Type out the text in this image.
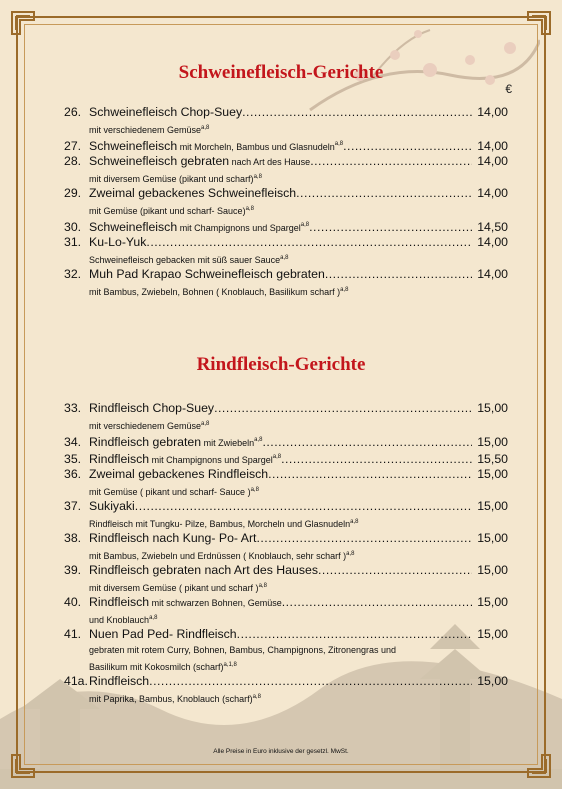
Schweinefleisch-Gerichte
€
26. Schweinefleisch Chop-Suey .....	14,00
mit verschiedenem Gemüse$^{a,8}$
27. Schweinefleisch mit Morcheln, Bambus und Glasnudeln$^{a,8}$ .....	14,00
28. Schweinefleisch gebraten nach Art des Hause .....	14,00
mit diversem Gemüse (pikant und scharf)$^{a,8}$
29. Zweimal gebackenes Schweinefleisch .....	14,00
mit Gemüse (pikant und scharf- Sauce)$^{a,8}$
30. Schweinefleisch mit Champignons und Spargel$^{a,8}$ .....	14,50
31. Ku-Lo-Yuk .....	14,00
Schweinefleisch gebacken mit süß sauer Sauce$^{a,8}$
32. Muh Pad Krapao Schweinefleisch gebraten .....	14,00
mit Bambus, Zwiebeln, Bohnen ( Knoblauch, Basilikum scharf )$^{a,8}$
Rindfleisch-Gerichte
33. Rindfleisch Chop-Suey .....	15,00
mit verschiedenem Gemüse$^{a,8}$
34. Rindfleisch gebraten mit Zwiebeln$^{a,8}$ .....	15,00
35. Rindfleisch mit Champignons und Spargel$^{a,8}$ .....	15,50
36. Zweimal gebackenes Rindfleisch .....	15,00
mit Gemüse ( pikant und scharf- Sauce )$^{a,8}$
37. Sukiyaki .....	15,00
Rindfleisch mit Tungku- Pilze, Bambus, Morcheln und Glasnudeln$^{a,8}$
38. Rindfleisch nach Kung- Po- Art .....	15,00
mit Bambus, Zwiebeln und Erdnüssen ( Knoblauch, sehr scharf )$^{a,8}$
39. Rindfleisch gebraten nach Art des Hauses .....	15,00
mit diversem Gemüse ( pikant und scharf )$^{a,8}$
40. Rindfleisch mit schwarzen Bohnen, Gemüse .....	15,00
und Knoblauch$^{a,8}$
41. Nuen Pad Ped- Rindfleisch .....	15,00
gebraten mit rotem Curry, Bohnen, Bambus, Champignons, Zitronengras und
Basilikum mit Kokosmilch (scharf)$^{a,1,8}$
41a. Rindfleisch .....	15,00
mit Paprika, Bambus, Knoblauch (scharf)$^{a,8}$
Alle Preise in Euro inklusive der gesetzl. MwSt.
